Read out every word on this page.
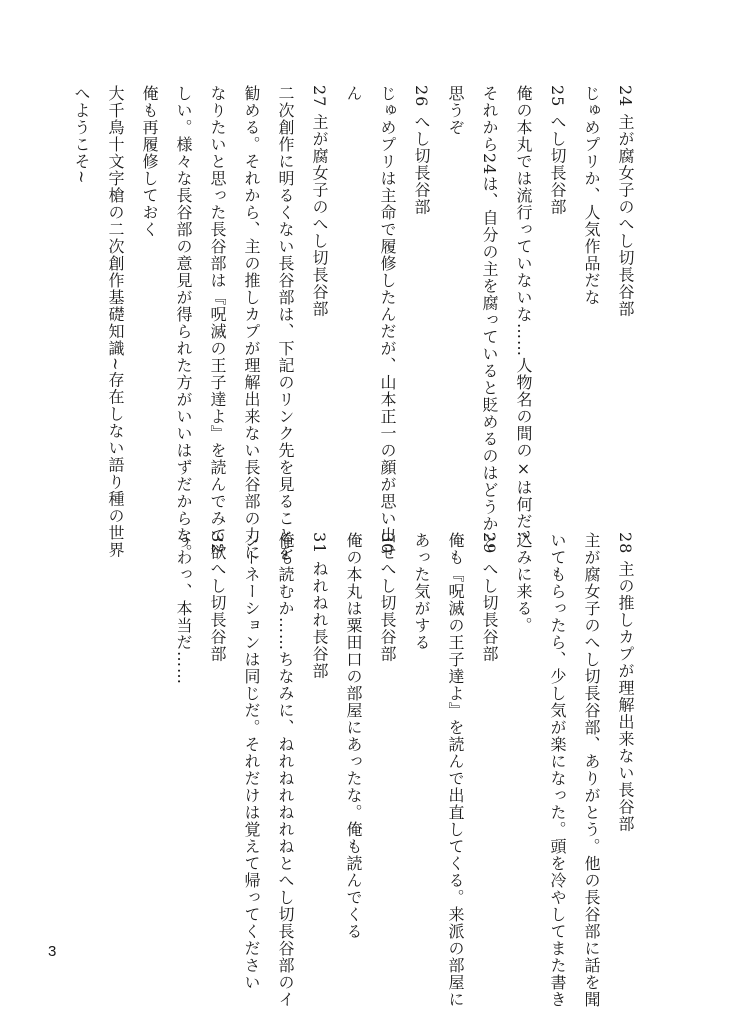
24 主が腐女子のへし切長谷部
じゅめプリか、人気作品だな
25 へし切長谷部
俺の本丸では流行っていないな……人物名の間の×は何だ?
それから24は、自分の主を腐っていると貶めるのはどうかと
思うぞ
26 へし切長谷部
じゅめプリは主命で履修したんだが、山本正一の顔が思い出せ
ん
27 主が腐女子のへし切長谷部
二次創作に明るくない長谷部は、下記のリンク先を見ることを
勧める。それから、主の推しカプが理解出来ない長谷部の力に
なりたいと思った長谷部は『呪滅の王子達よ』を読んでみて欲
しい。様々な長谷部の意見が得られた方がいいはずだからな。
俺も再履修しておく
大千鳥十文字槍の二次創作基礎知識~存在しない語り種の世界
へようこそ~
28 主の推しカプが理解出来ない長谷部
主が腐女子のへし切長谷部、ありがとう。他の長谷部に話を聞
いてもらったら、少し気が楽になった。頭を冷やしてまた書き
込みに来る。
29 へし切長谷部
俺も『呪滅の王子達よ』を読んで出直してくる。来派の部屋に
あった気がする
30 へし切長谷部
俺の本丸は粟田口の部屋にあったな。俺も読んでくる
31 ねれねれ長谷部
俺も読むか……ちなみに、ねれねれねれねとへし切長谷部のイ
ントネーションは同じだ。それだけは覚えて帰ってください
32 へし切長谷部
うわっ、本当だ……
3
